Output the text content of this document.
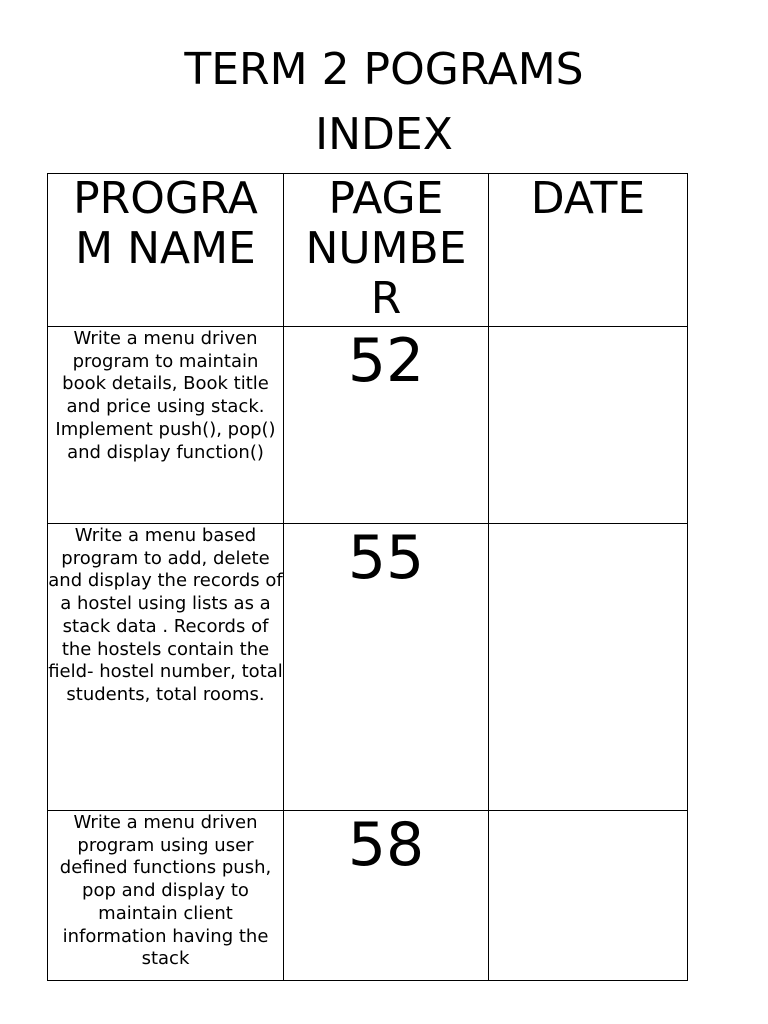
TERM 2 POGRAMS
INDEX
PROGRA M NAME	PAGE NUMBE R	DATE

Write a menu driven program to maintain book details, Book title and price using stack. Implement push(), pop() and display function()	52	

Write a menu based program to add, delete and display the records of a hostel using lists as a stack data . Records of the hostels contain the field- hostel number, total students, total rooms.	55	

Write a menu driven program using user defined functions push, pop and display to maintain client information having the stack	58	
